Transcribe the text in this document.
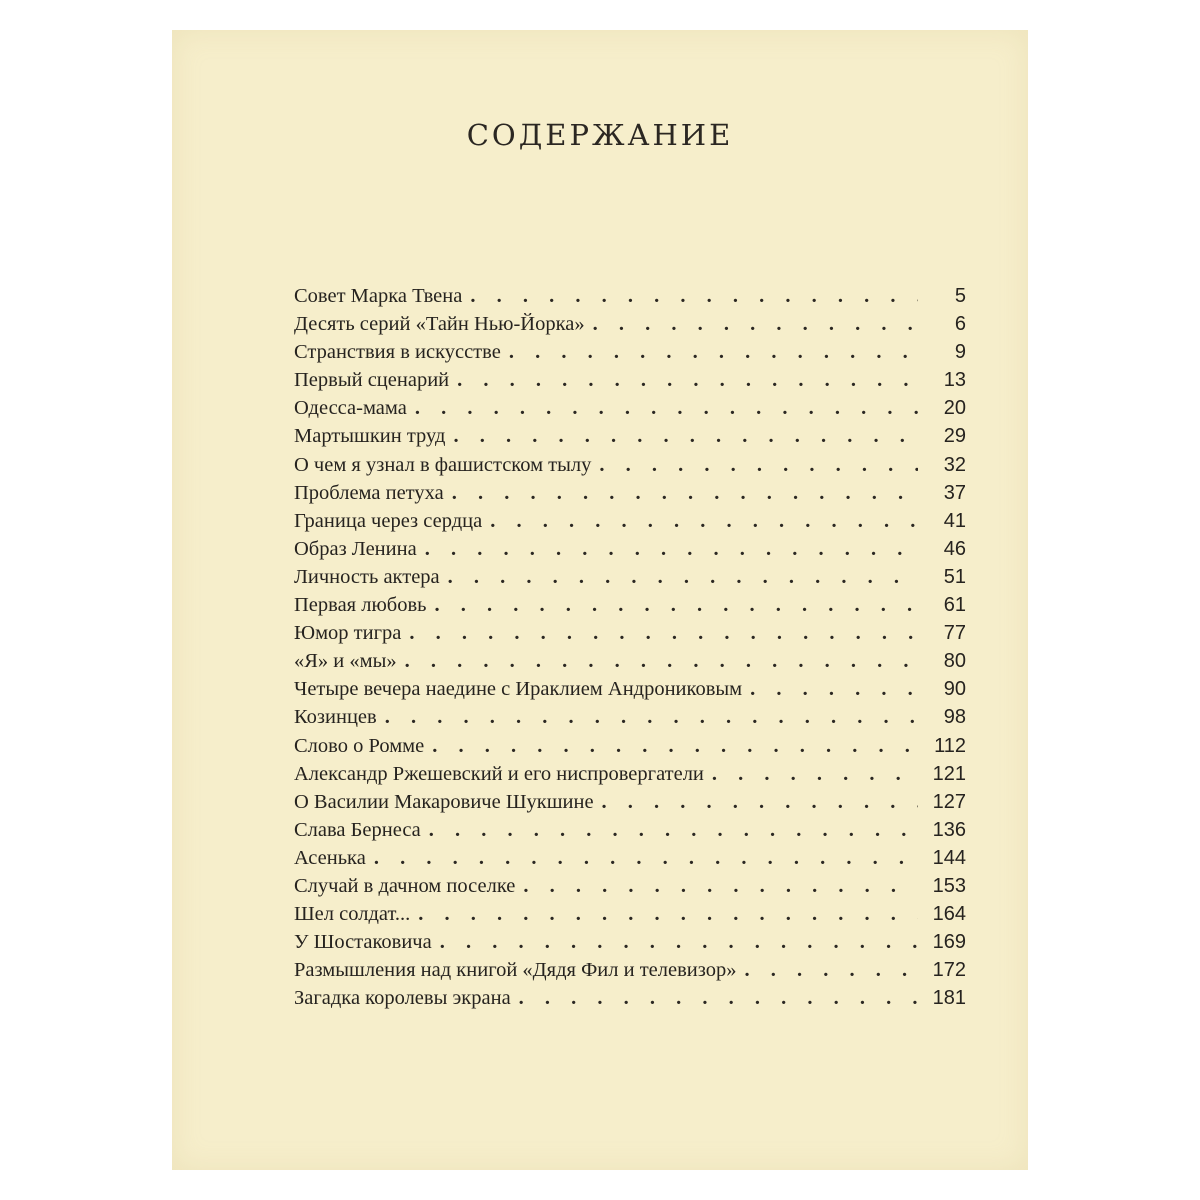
СОДЕРЖАНИЕ
Совет Марка Твена . . .	5
Десять серий «Тайн Нью-Йорка» . . .	6
Странствия в искусстве . . .	9
Первый сценарий . . .	13
Одесса-мама . . .	20
Мартышкин труд . . .	29
О чем я узнал в фашистском тылу . . .	32
Проблема петуха . . .	37
Граница через сердца . . .	41
Образ Ленина . . .	46
Личность актера . . .	51
Первая любовь . . .	61
Юмор тигра . . .	77
«Я» и «мы» . . .	80
Четыре вечера наедине с Ираклием Андрониковым . . .	90
Козинцев . . .	98
Слово о Ромме . . .	112
Александр Ржешевский и его ниспровергатели . . .	121
О Василии Макаровиче Шукшине . . .	127
Слава Бернеса . . .	136
Асенька . . .	144
Случай в дачном поселке . . .	153
Шел солдат... . . .	164
У Шостаковича . . .	169
Размышления над книгой «Дядя Фил и телевизор» . . .	172
Загадка королевы экрана . . .	181
